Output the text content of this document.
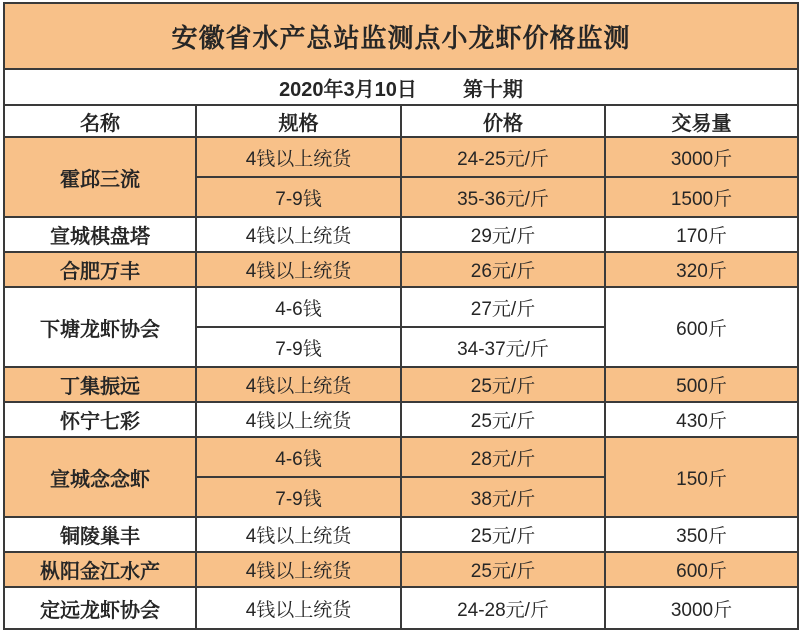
安徽省水产总站监测点小龙虾价格监测			
2020年3月10日 第十期			
名称	规格	价格	交易量
霍邱三流	4钱以上统货	24-25元/斤	3000斤
	7-9钱	35-36元/斤	1500斤
宣城棋盘塔	4钱以上统货	29元/斤	170斤
合肥万丰	4钱以上统货	26元/斤	320斤
下塘龙虾协会	4-6钱	27元/斤	600斤
	7-9钱	34-37元/斤	
丁集振远	4钱以上统货	25元/斤	500斤
怀宁七彩	4钱以上统货	25元/斤	430斤
宣城念念虾	4-6钱	28元/斤	150斤
	7-9钱	38元/斤	
铜陵巢丰	4钱以上统货	25元/斤	350斤
枞阳金江水产	4钱以上统货	25元/斤	600斤
定远龙虾协会	4钱以上统货	24-28元/斤	3000斤
